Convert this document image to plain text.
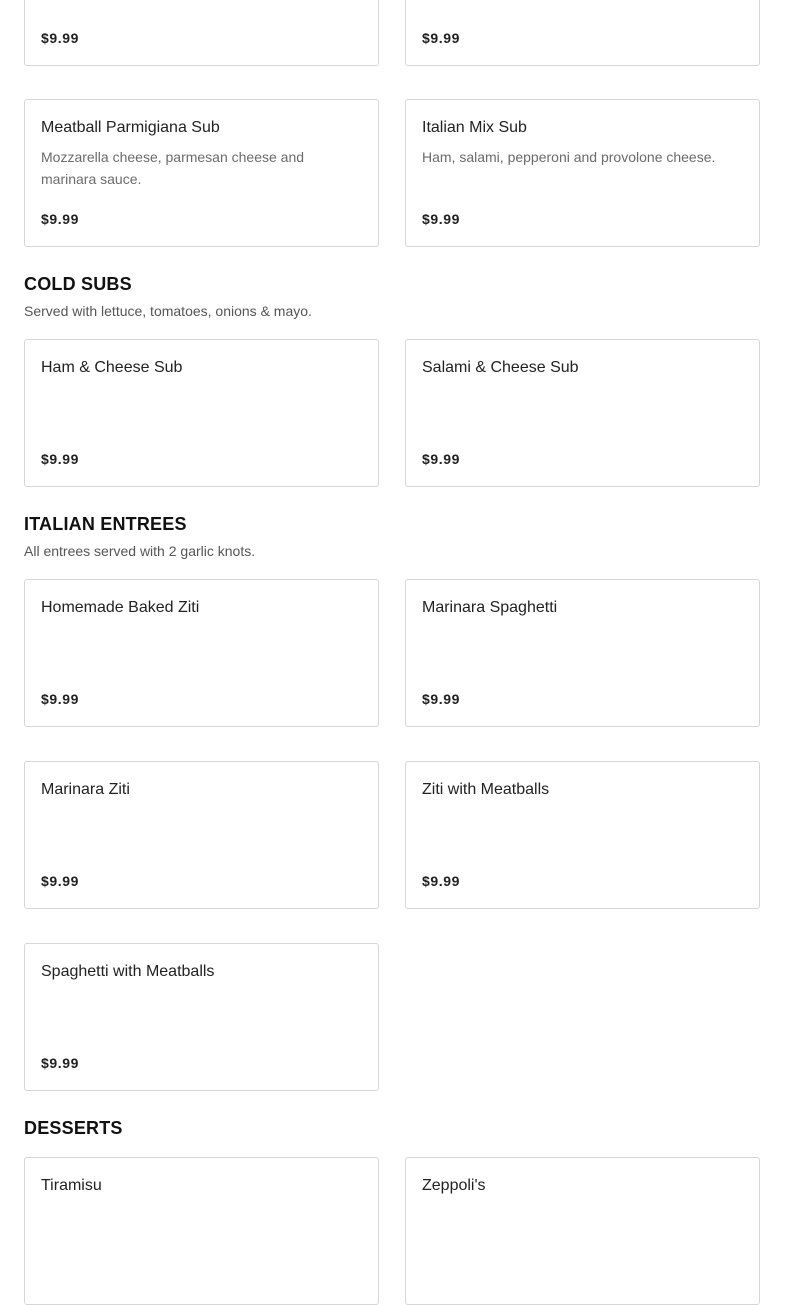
$9.99	$9.99
Meatball Parmigiana Sub
Mozzarella cheese, parmesan cheese and marinara sauce.
$9.99
Italian Mix Sub
Ham, salami, pepperoni and provolone cheese.
$9.99
COLD SUBS
Served with lettuce, tomatoes, onions & mayo.
Ham & Cheese Sub
$9.99
Salami & Cheese Sub
$9.99
ITALIAN ENTREES
All entrees served with 2 garlic knots.
Homemade Baked Ziti
$9.99
Marinara Spaghetti
$9.99
Marinara Ziti
$9.99
Ziti with Meatballs
$9.99
Spaghetti with Meatballs
$9.99
DESSERTS
Tiramisu	Zeppoli's
